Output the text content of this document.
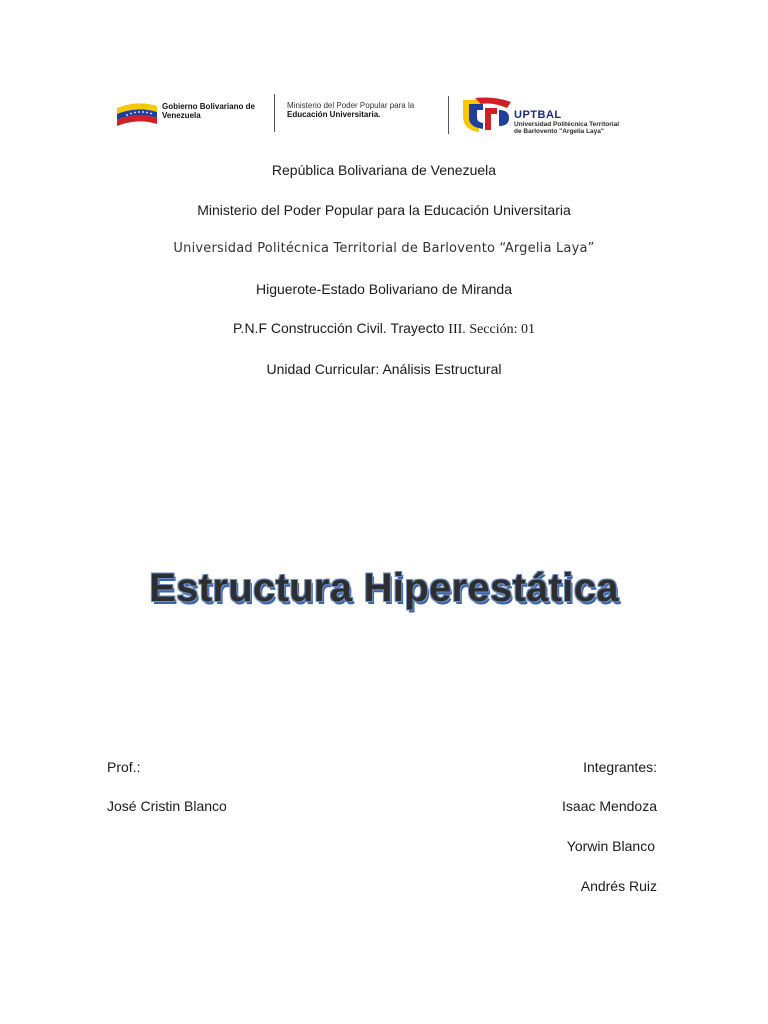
Gobierno Bolivariano de
Venezuela
Ministerio del Poder Popular para la
Educación Universitaria.	UPTBAL
Universidad Politécnica Territorial
de Barlovento "Argelia Laya"
República Bolivariana de Venezuela
Ministerio del Poder Popular para la Educación Universitaria
Universidad Politécnica Territorial de Barlovento “Argelia Laya”
Higuerote-Estado Bolivariano de Miranda
P.N.F Construcción Civil. Trayecto III. Sección: 01
Unidad Curricular: Análisis Estructural
Estructura Hiperestática
Prof.:
José Cristin Blanco
Integrantes:
Isaac Mendoza
Yorwin Blanco
Andrés Ruiz
